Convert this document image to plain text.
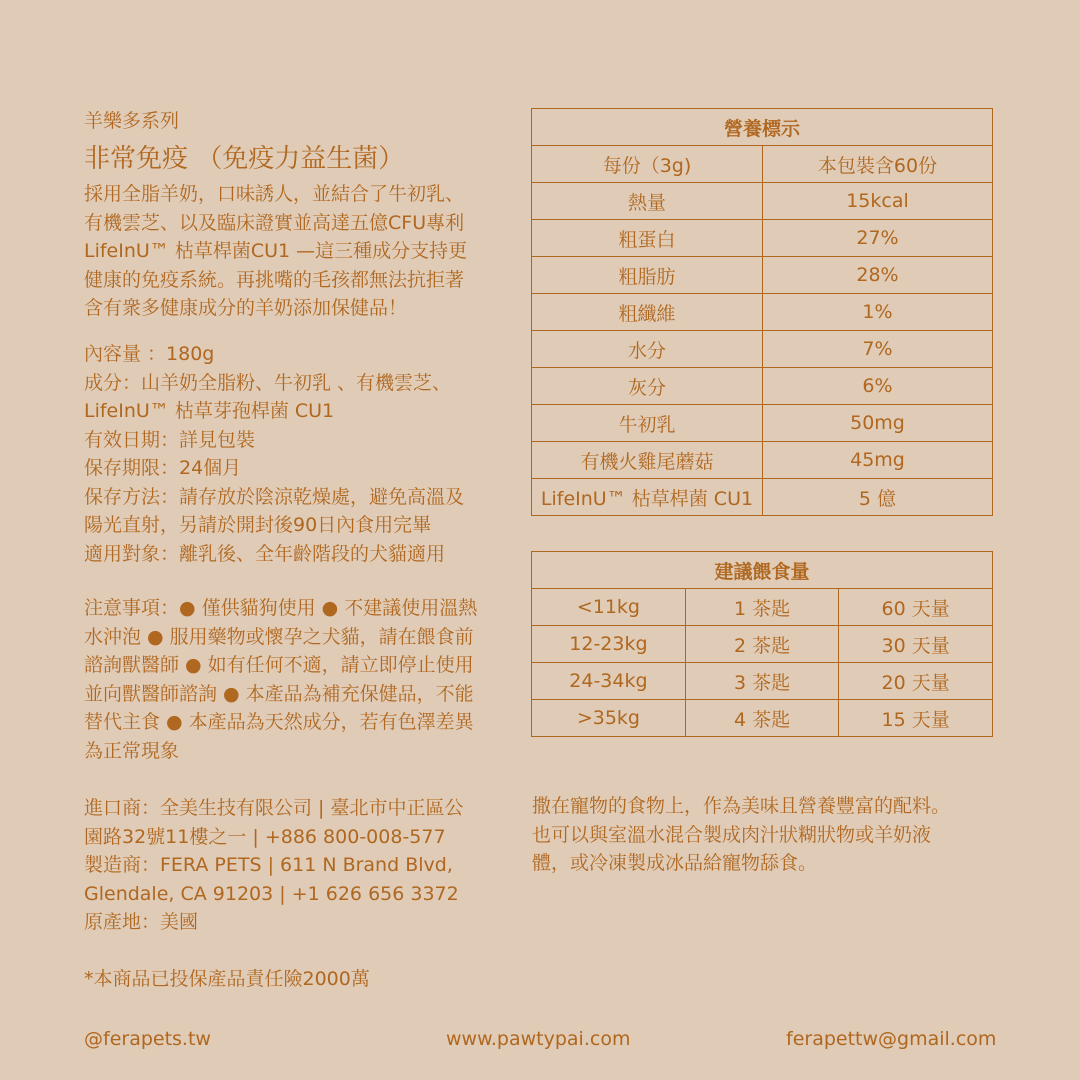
羊樂多系列
非常免疫 （免疫力益生菌）
採用全脂羊奶，口味誘人，並結合了牛初乳、
有機雲芝、以及臨床證實並高達五億CFU專利
LifeInU™ 枯草桿菌CU1 —這三種成分支持更
健康的免疫系統。再挑嘴的毛孩都無法抗拒著
含有衆多健康成分的羊奶添加保健品！
內容量 ：180g
成分：山羊奶全脂粉、牛初乳 、有機雲芝、
LifeInU™ 枯草芽孢桿菌 CU1
有效日期：詳見包裝
保存期限：24個月
保存方法：請存放於陰涼乾燥處，避免高溫及
陽光直射，另請於開封後90日內食用完畢
適用對象：離乳後、全年齡階段的犬貓適用
注意事項：● 僅供貓狗使用 ● 不建議使用溫熱
水沖泡 ● 服用藥物或懷孕之犬貓，請在餵食前
諮詢獸醫師 ● 如有任何不適，請立即停止使用
並向獸醫師諮詢 ● 本產品為補充保健品，不能
替代主食 ● 本產品為天然成分，若有色澤差異
為正常現象
進口商：全美生技有限公司 | 臺北市中正區公
園路32號11樓之一 | +886 800-008-577
製造商：FERA PETS | 611 N Brand Blvd,
Glendale, CA 91203 | +1 626 656 3372
原產地：美國
*本商品已投保產品責任險2000萬
營養標示	
每份（3g)	本包裝含60份
熱量	15kcal
粗蛋白	27%
粗脂肪	28%
粗纖維	1%
水分	7%
灰分	6%
牛初乳	50mg
有機火雞尾蘑菇	45mg
LifeInU™ 枯草桿菌 CU1	5 億
建議餵食量		
<11kg	1 茶匙	60 天量
12-23kg	2 茶匙	30 天量
24-34kg	3 茶匙	20 天量
>35kg	4 茶匙	15 天量
撒在寵物的食物上，作為美味且營養豐富的配料。
也可以與室溫水混合製成肉汁狀糊狀物或羊奶液
體，或冷凍製成冰品給寵物舔食。
@ferapets.tw	www.pawtypai.com	ferapettw@gmail.com
